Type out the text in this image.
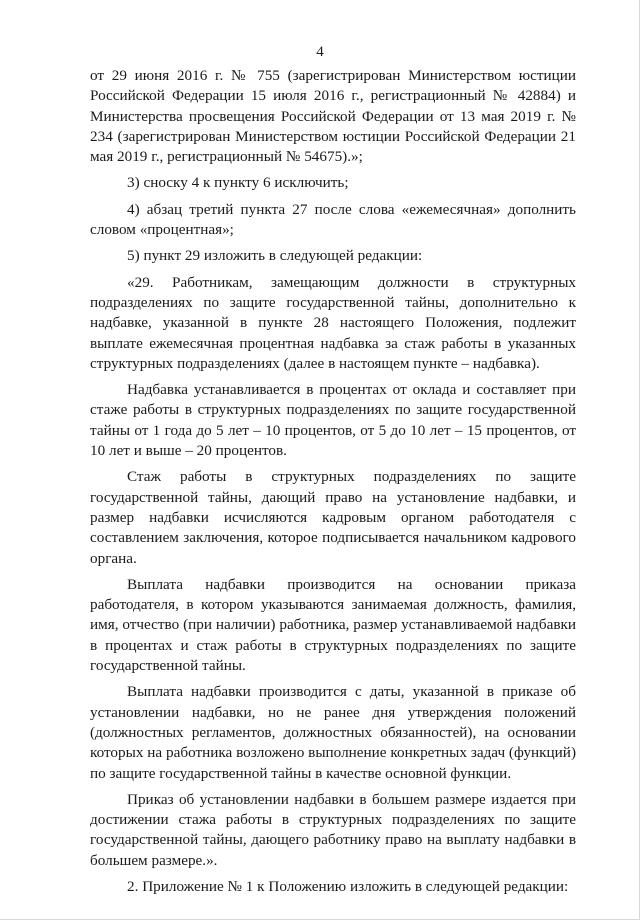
4

от 29 июня 2016 г. № 755 (зарегистрирован Министерством юстиции Российской Федерации 15 июля 2016 г., регистрационный № 42884) и Министерства просвещения Российской Федерации от 13 мая 2019 г. № 234 (зарегистрирован Министерством юстиции Российской Федерации 21 мая 2019 г., регистрационный № 54675).»;

3) сноску 4 к пункту 6 исключить;

4) абзац третий пункта 27 после слова «ежемесячная» дополнить словом «процентная»;

5) пункт 29 изложить в следующей редакции:

«29. Работникам, замещающим должности в структурных подразделениях по защите государственной тайны, дополнительно к надбавке, указанной в пункте 28 настоящего Положения, подлежит выплате ежемесячная процентная надбавка за стаж работы в указанных структурных подразделениях (далее в настоящем пункте – надбавка).

Надбавка устанавливается в процентах от оклада и составляет при стаже работы в структурных подразделениях по защите государственной тайны от 1 года до 5 лет – 10 процентов, от 5 до 10 лет – 15 процентов, от 10 лет и выше – 20 процентов.

Стаж работы в структурных подразделениях по защите государственной тайны, дающий право на установление надбавки, и размер надбавки исчисляются кадровым органом работодателя с составлением заключения, которое подписывается начальником кадрового органа.

Выплата надбавки производится на основании приказа работодателя, в котором указываются занимаемая должность, фамилия, имя, отчество (при наличии) работника, размер устанавливаемой надбавки в процентах и стаж работы в структурных подразделениях по защите государственной тайны.

Выплата надбавки производится с даты, указанной в приказе об установлении надбавки, но не ранее дня утверждения положений (должностных регламентов, должностных обязанностей), на основании которых на работника возложено выполнение конкретных задач (функций) по защите государственной тайны в качестве основной функции.

Приказ об установлении надбавки в большем размере издается при достижении стажа работы в структурных подразделениях по защите государственной тайны, дающего работнику право на выплату надбавки в большем размере.».

2. Приложение № 1 к Положению изложить в следующей редакции:
